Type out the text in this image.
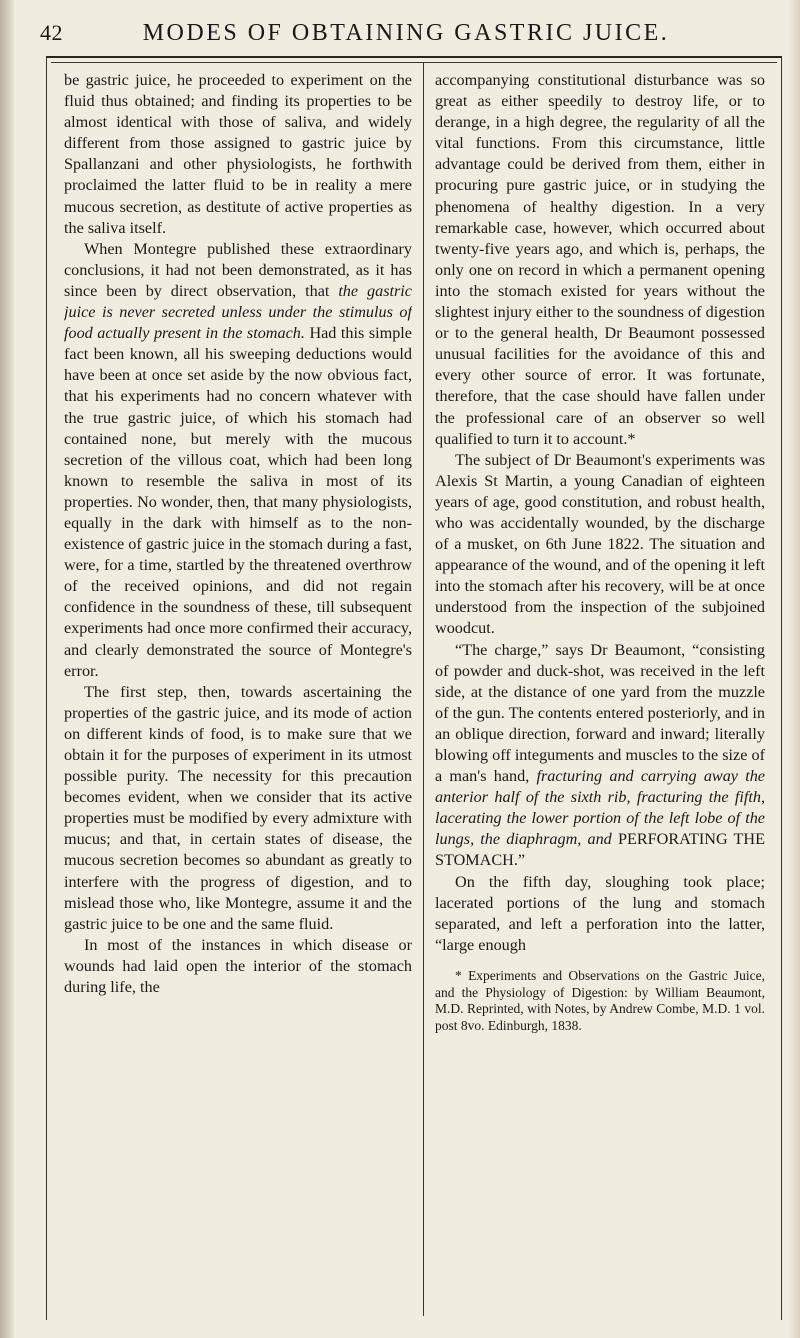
42	MODES OF OBTAINING GASTRIC JUICE.

be gastric juice, he proceeded to experiment on the fluid thus obtained; and finding its properties to be almost identical with those of saliva, and widely different from those assigned to gastric juice by Spallanzani and other physiologists, he forthwith proclaimed the latter fluid to be in reality a mere mucous secretion, as destitute of active properties as the saliva itself.

When Montegre published these extraordinary conclusions, it had not been demonstrated, as it has since been by direct observation, that the gastric juice is never secreted unless under the stimulus of food actually present in the stomach. Had this simple fact been known, all his sweeping deductions would have been at once set aside by the now obvious fact, that his experiments had no concern whatever with the true gastric juice, of which his stomach had contained none, but merely with the mucous secretion of the villous coat, which had been long known to resemble the saliva in most of its properties. No wonder, then, that many physiologists, equally in the dark with himself as to the non-existence of gastric juice in the stomach during a fast, were, for a time, startled by the threatened overthrow of the received opinions, and did not regain confidence in the soundness of these, till subsequent experiments had once more confirmed their accuracy, and clearly demonstrated the source of Montegre's error.

The first step, then, towards ascertaining the properties of the gastric juice, and its mode of action on different kinds of food, is to make sure that we obtain it for the purposes of experiment in its utmost possible purity. The necessity for this precaution becomes evident, when we consider that its active properties must be modified by every admixture with mucus; and that, in certain states of disease, the mucous secretion becomes so abundant as greatly to interfere with the progress of digestion, and to mislead those who, like Montegre, assume it and the gastric juice to be one and the same fluid.

In most of the instances in which disease or wounds had laid open the interior of the stomach during life, the

accompanying constitutional disturbance was so great as either speedily to destroy life, or to derange, in a high degree, the regularity of all the vital functions. From this circumstance, little advantage could be derived from them, either in procuring pure gastric juice, or in studying the phenomena of healthy digestion. In a very remarkable case, however, which occurred about twenty-five years ago, and which is, perhaps, the only one on record in which a permanent opening into the stomach existed for years without the slightest injury either to the soundness of digestion or to the general health, Dr Beaumont possessed unusual facilities for the avoidance of this and every other source of error. It was fortunate, therefore, that the case should have fallen under the professional care of an observer so well qualified to turn it to account.*

The subject of Dr Beaumont's experiments was Alexis St Martin, a young Canadian of eighteen years of age, good constitution, and robust health, who was accidentally wounded, by the discharge of a musket, on 6th June 1822. The situation and appearance of the wound, and of the opening it left into the stomach after his recovery, will be at once understood from the inspection of the subjoined woodcut.

“The charge,” says Dr Beaumont, “consisting of powder and duck-shot, was received in the left side, at the distance of one yard from the muzzle of the gun. The contents entered posteriorly, and in an oblique direction, forward and inward; literally blowing off integuments and muscles to the size of a man's hand, fracturing and carrying away the anterior half of the sixth rib, fracturing the fifth, lacerating the lower portion of the left lobe of the lungs, the diaphragm, and PERFORATING THE STOMACH.”

On the fifth day, sloughing took place; lacerated portions of the lung and stomach separated, and left a perforation into the latter, “large enough

* Experiments and Observations on the Gastric Juice, and the Physiology of Digestion: by William Beaumont, M.D. Reprinted, with Notes, by Andrew Combe, M.D. 1 vol. post 8vo. Edinburgh, 1838.
